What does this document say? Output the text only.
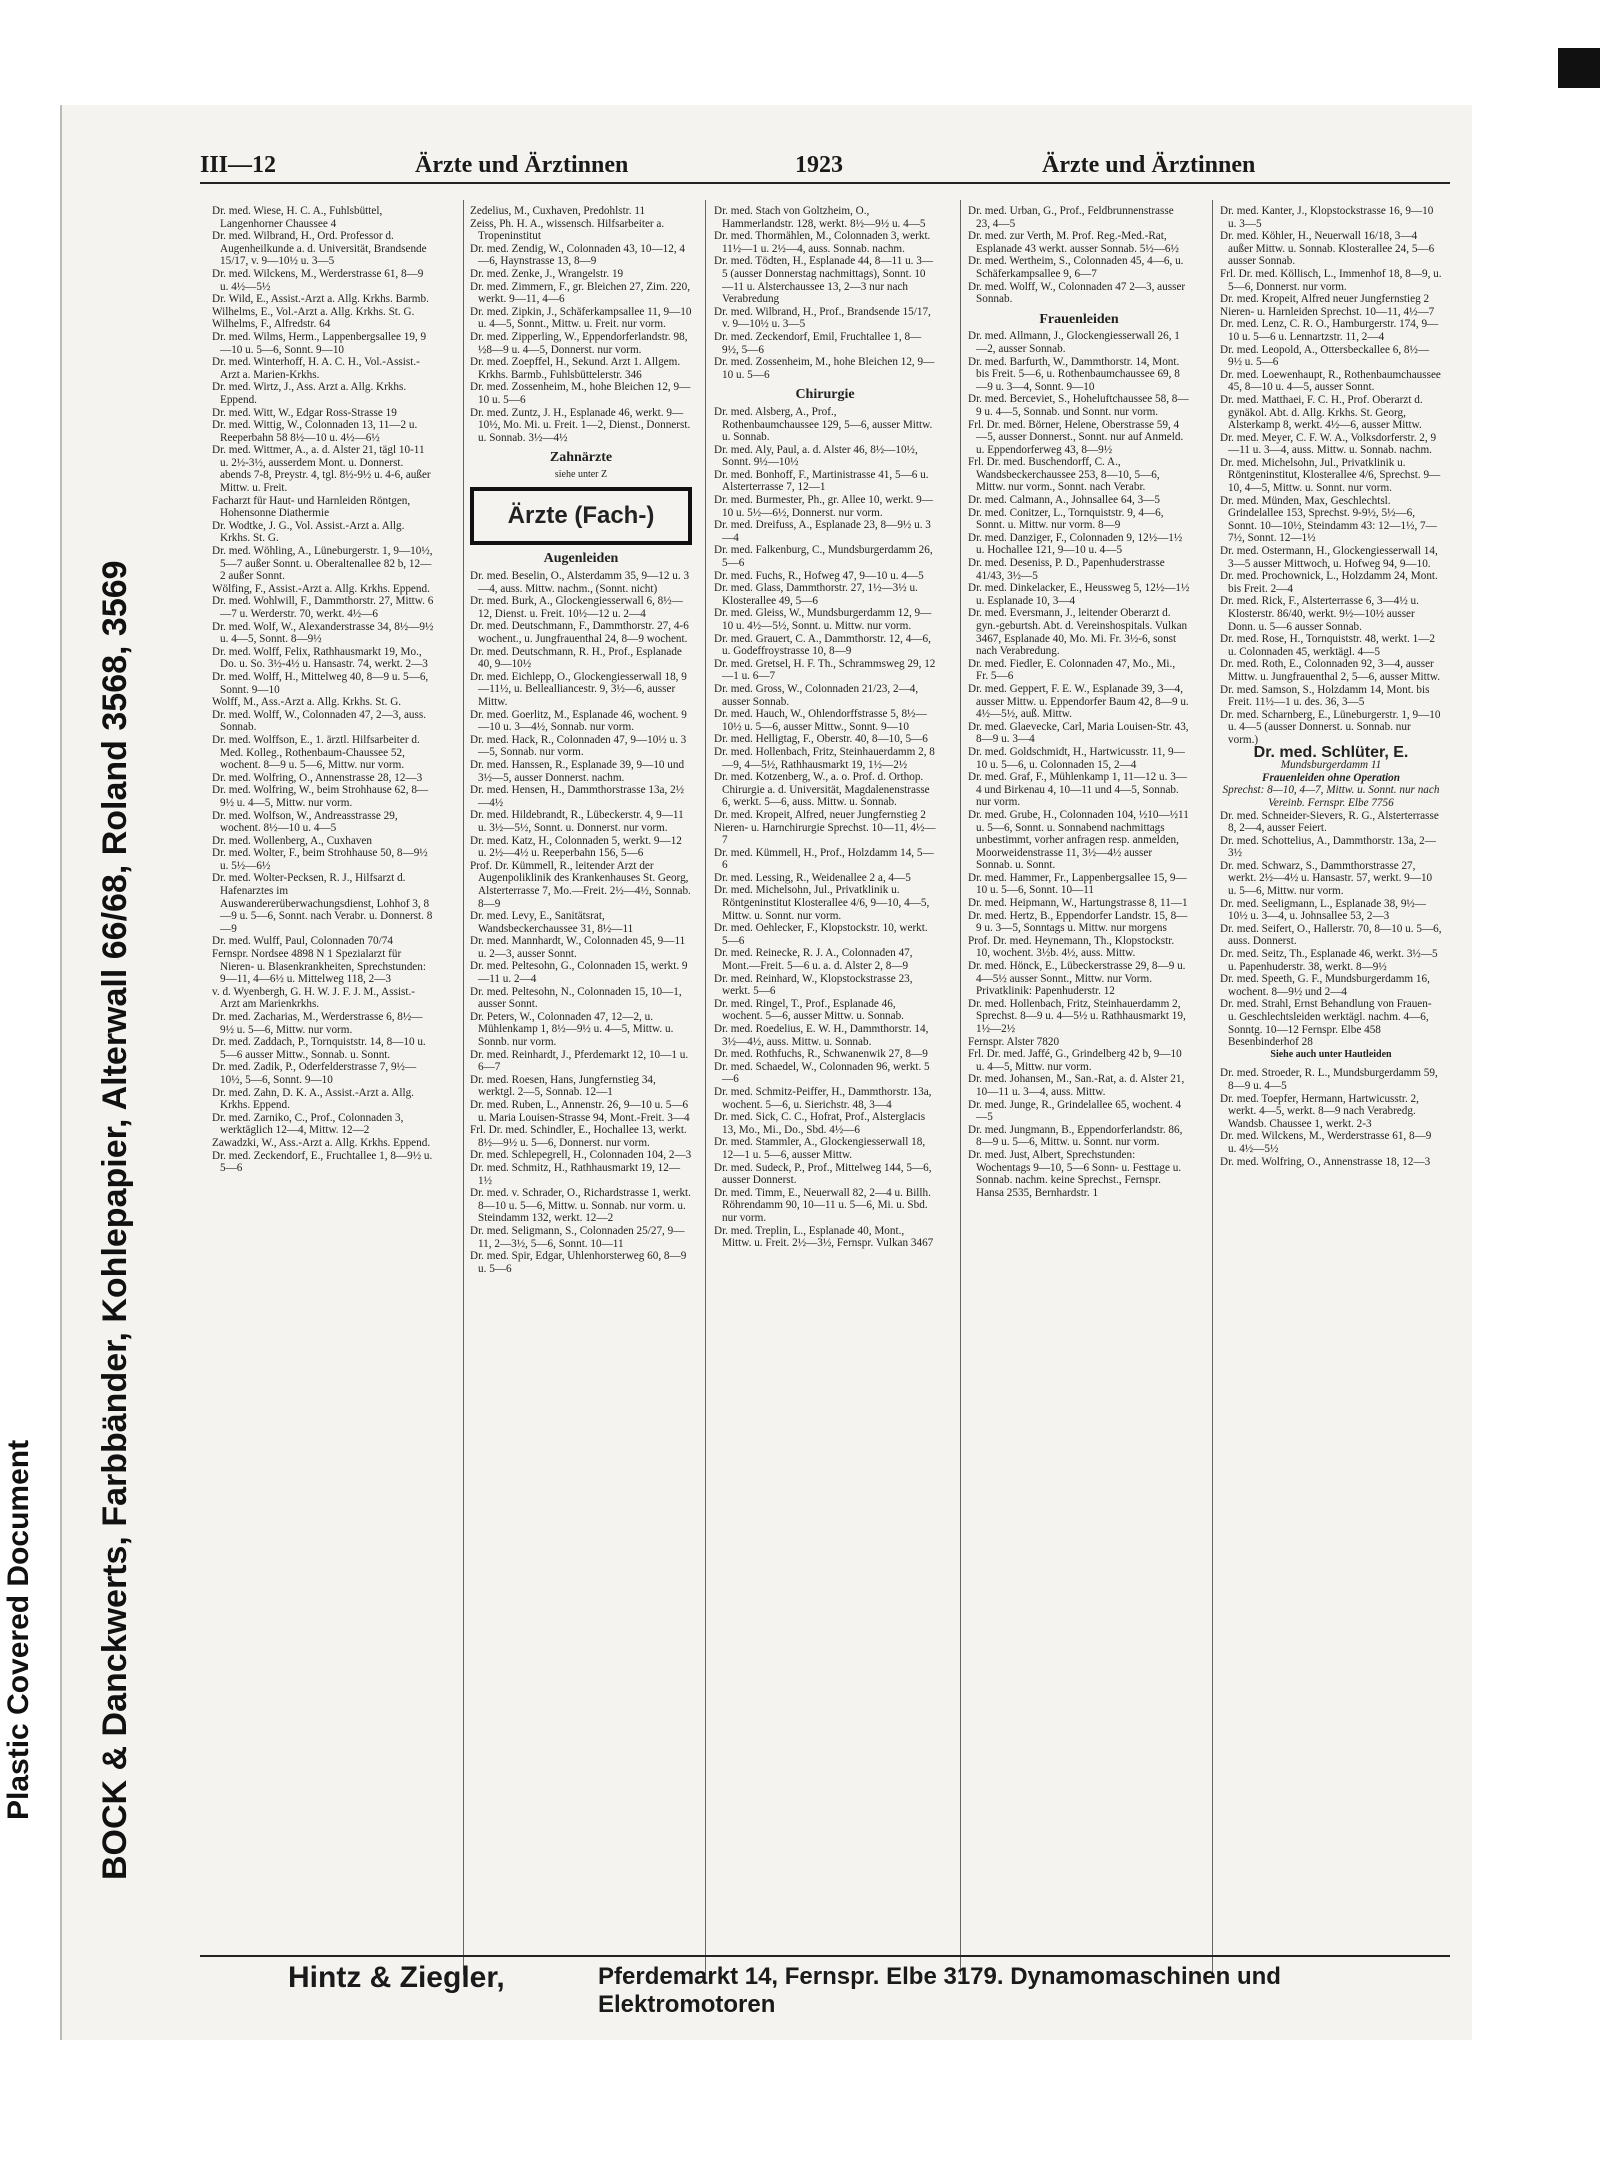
Plastic Covered Document BOCK & Danckwerts, Farbbänder, Kohlepapier, Alterwall 66/68, Roland 3568, 3569
III—12	Ärzte und Ärztinnen	1923	Ärzte und Ärztinnen

Dr. med. Wiese, H. C. A., Fuhlsbüttel, Langenhorner Chaussee 4

Dr. med. Wilbrand, H., Ord. Professor d. Augenheilkunde a. d. Universität, Brandsende 15/17, v. 9—10½ u. 3—5

Dr. med. Wilckens, M., Werderstrasse 61, 8—9 u. 4½—5½

Dr. Wild, E., Assist.-Arzt a. Allg. Krkhs. Barmb.

Wilhelms, E., Vol.-Arzt a. Allg. Krkhs. St. G.

Wilhelms, F., Alfredstr. 64

Dr. med. Wilms, Herm., Lappenbergsallee 19, 9—10 u. 5—6, Sonnt. 9—10

Dr. med. Winterhoff, H. A. C. H., Vol.-Assist.-Arzt a. Marien-Krkhs.

Dr. med. Wirtz, J., Ass. Arzt a. Allg. Krkhs. Eppend.

Dr. med. Witt, W., Edgar Ross-Strasse 19

Dr. med. Wittig, W., Colonnaden 13, 11—2 u. Reeperbahn 58 8½—10 u. 4½—6½

Dr. med. Wittmer, A., a. d. Alster 21, tägl 10-11 u. 2½-3½, ausserdem Mont. u. Donnerst. abends 7-8, Preystr. 4, tgl. 8½-9½ u. 4-6, außer Mittw. u. Freit.

Facharzt für Haut- und Harnleiden Röntgen, Hohensonne Diathermie

Dr. Wodtke, J. G., Vol. Assist.-Arzt a. Allg. Krkhs. St. G.

Dr. med. Wöhling, A., Lüneburgerstr. 1, 9—10½, 5—7 außer Sonnt. u. Oberaltenallee 82 b, 12—2 außer Sonnt.

Wölfing, F., Assist.-Arzt a. Allg. Krkhs. Eppend.

Dr. med. Wohlwill, F., Dammthorstr. 27, Mittw. 6—7 u. Werderstr. 70, werkt. 4½—6

Dr. med. Wolf, W., Alexanderstrasse 34, 8½—9½ u. 4—5, Sonnt. 8—9½

Dr. med. Wolff, Felix, Rathhausmarkt 19, Mo., Do. u. So. 3½-4½ u. Hansastr. 74, werkt. 2—3

Dr. med. Wolff, H., Mittelweg 40, 8—9 u. 5—6, Sonnt. 9—10

Wolff, M., Ass.-Arzt a. Allg. Krkhs. St. G.

Dr. med. Wolff, W., Colonnaden 47, 2—3, auss. Sonnab.

Dr. med. Wolffson, E., 1. ärztl. Hilfsarbeiter d. Med. Kolleg., Rothenbaum-Chaussee 52, wochent. 8—9 u. 5—6, Mittw. nur vorm.

Dr. med. Wolfring, O., Annenstrasse 28, 12—3

Dr. med. Wolfring, W., beim Strohhause 62, 8—9½ u. 4—5, Mittw. nur vorm.

Dr. med. Wolfson, W., Andreasstrasse 29, wochent. 8½—10 u. 4—5

Dr. med. Wollenberg, A., Cuxhaven

Dr. med. Wolter, F., beim Strohhause 50, 8—9½ u. 5½—6½

Dr. med. Wolter-Pecksen, R. J., Hilfsarzt d. Hafenarztes im Auswandererüberwachungsdienst, Lohhof 3, 8—9 u. 5—6, Sonnt. nach Verabr. u. Donnerst. 8—9

Dr. med. Wulff, Paul, Colonnaden 70/74

Fernspr. Nordsee 4898 N 1 Spezialarzt für Nieren- u. Blasenkrankheiten, Sprechstunden: 9—11, 4—6½ u. Mittelweg 118, 2—3

v. d. Wyenbergh, G. H. W. J. F. J. M., Assist.-Arzt am Marienkrkhs.

Dr. med. Zacharias, M., Werderstrasse 6, 8½—9½ u. 5—6, Mittw. nur vorm.

Dr. med. Zaddach, P., Tornquiststr. 14, 8—10 u. 5—6 ausser Mittw., Sonnab. u. Sonnt.

Dr. med. Zadik, P., Oderfelderstrasse 7, 9½—10½, 5—6, Sonnt. 9—10

Dr. med. Zahn, D. K. A., Assist.-Arzt a. Allg. Krkhs. Eppend.

Dr. med. Zarniko, C., Prof., Colonnaden 3, werktäglich 12—4, Mittw. 12—2

Zawadzki, W., Ass.-Arzt a. Allg. Krkhs. Eppend.

Dr. med. Zeckendorf, E., Fruchtallee 1, 8—9½ u. 5—6

Zedelius, M., Cuxhaven, Predohlstr. 11

Zeiss, Ph. H. A., wissensch. Hilfsarbeiter a. Tropeninstitut

Dr. med. Zendig, W., Colonnaden 43, 10—12, 4—6, Haynstrasse 13, 8—9

Dr. med. Zenke, J., Wrangelstr. 19

Dr. med. Zimmern, F., gr. Bleichen 27, Zim. 220, werkt. 9—11, 4—6

Dr. med. Zipkin, J., Schäferkampsallee 11, 9—10 u. 4—5, Sonnt., Mittw. u. Freit. nur vorm.

Dr. med. Zipperling, W., Eppendorferlandstr. 98, ½8—9 u. 4—5, Donnerst. nur vorm.

Dr. med. Zoepffel, H., Sekund. Arzt 1. Allgem. Krkhs. Barmb., Fuhlsbüttelerstr. 346

Dr. med. Zossenheim, M., hohe Bleichen 12, 9—10 u. 5—6

Dr. med. Zuntz, J. H., Esplanade 46, werkt. 9—10½, Mo. Mi. u. Freit. 1—2, Dienst., Donnerst. u. Sonnab. 3½—4½

Zahnärzte

siehe unter Z

Ärzte (Fach-)

Augenleiden

Dr. med. Beselin, O., Alsterdamm 35, 9—12 u. 3—4, auss. Mittw. nachm., (Sonnt. nicht)

Dr. med. Burk, A., Glockengiesserwall 6, 8½—12, Dienst. u. Freit. 10½—12 u. 2—4

Dr. med. Deutschmann, F., Dammthorstr. 27, 4-6 wochent., u. Jungfrauenthal 24, 8—9 wochent.

Dr. med. Deutschmann, R. H., Prof., Esplanade 40, 9—10½

Dr. med. Eichlepp, O., Glockengiesserwall 18, 9—11½, u. Bellealliancestr. 9, 3½—6, ausser Mittw.

Dr. med. Goerlitz, M., Esplanade 46, wochent. 9—10 u. 3—4½, Sonnab. nur vorm.

Dr. med. Hack, R., Colonnaden 47, 9—10½ u. 3—5, Sonnab. nur vorm.

Dr. med. Hanssen, R., Esplanade 39, 9—10 und 3½—5, ausser Donnerst. nachm.

Dr. med. Hensen, H., Dammthorstrasse 13a, 2½—4½

Dr. med. Hildebrandt, R., Lübeckerstr. 4, 9—11 u. 3½—5½, Sonnt. u. Donnerst. nur vorm.

Dr. med. Katz, H., Colonnaden 5, werkt. 9—12 u. 2½—4½ u. Reeperbahn 156, 5—6

Prof. Dr. Kümmell, R., leitender Arzt der Augenpoliklinik des Krankenhauses St. Georg, Alsterterrasse 7, Mo.—Freit. 2½—4½, Sonnab. 8—9

Dr. med. Levy, E., Sanitätsrat, Wandsbeckerchaussee 31, 8½—11

Dr. med. Mannhardt, W., Colonnaden 45, 9—11 u. 2—3, ausser Sonnt.

Dr. med. Peltesohn, G., Colonnaden 15, werkt. 9—11 u. 2—4

Dr. med. Peltesohn, N., Colonnaden 15, 10—1, ausser Sonnt.

Dr. Peters, W., Colonnaden 47, 12—2, u. Mühlenkamp 1, 8½—9½ u. 4—5, Mittw. u. Sonnb. nur vorm.

Dr. med. Reinhardt, J., Pferdemarkt 12, 10—1 u. 6—7

Dr. med. Roesen, Hans, Jungfernstieg 34, werktgl. 2—5, Sonnab. 12—1

Dr. med. Ruben, L., Annenstr. 26, 9—10 u. 5—6 u. Maria Louisen-Strasse 94, Mont.-Freit. 3—4

Frl. Dr. med. Schindler, E., Hochallee 13, werkt. 8½—9½ u. 5—6, Donnerst. nur vorm.

Dr. med. Schlepegrell, H., Colonnaden 104, 2—3

Dr. med. Schmitz, H., Rathhausmarkt 19, 12—1½

Dr. med. v. Schrader, O., Richardstrasse 1, werkt. 8—10 u. 5—6, Mittw. u. Sonnab. nur vorm. u. Steindamm 132, werkt. 12—2

Dr. med. Seligmann, S., Colonnaden 25/27, 9—11, 2—3½, 5—6, Sonnt. 10—11

Dr. med. Spir, Edgar, Uhlenhorsterweg 60, 8—9 u. 5—6

Dr. med. Stach von Goltzheim, O., Hammerlandstr. 128, werkt. 8½—9½ u. 4—5

Dr. med. Thormählen, M., Colonnaden 3, werkt. 11½—1 u. 2½—4, auss. Sonnab. nachm.

Dr. med. Tödten, H., Esplanade 44, 8—11 u. 3—5 (ausser Donnerstag nachmittags), Sonnt. 10—11 u. Alsterchaussee 13, 2—3 nur nach Verabredung

Dr. med. Wilbrand, H., Prof., Brandsende 15/17, v. 9—10½ u. 3—5

Dr. med. Zeckendorf, Emil, Fruchtallee 1, 8—9½, 5—6

Dr. med. Zossenheim, M., hohe Bleichen 12, 9—10 u. 5—6

Chirurgie

Dr. med. Alsberg, A., Prof., Rothenbaumchaussee 129, 5—6, ausser Mittw. u. Sonnab.

Dr. med. Aly, Paul, a. d. Alster 46, 8½—10½, Sonnt. 9½—10½

Dr. med. Bonhoff, F., Martinistrasse 41, 5—6 u. Alsterterrasse 7, 12—1

Dr. med. Burmester, Ph., gr. Allee 10, werkt. 9—10 u. 5½—6½, Donnerst. nur vorm.

Dr. med. Dreifuss, A., Esplanade 23, 8—9½ u. 3—4

Dr. med. Falkenburg, C., Mundsburgerdamm 26, 5—6

Dr. med. Fuchs, R., Hofweg 47, 9—10 u. 4—5

Dr. med. Glass, Dammthorstr. 27, 1½—3½ u. Klosterallee 49, 5—6

Dr. med. Gleiss, W., Mundsburgerdamm 12, 9—10 u. 4½—5½, Sonnt. u. Mittw. nur vorm.

Dr. med. Grauert, C. A., Dammthorstr. 12, 4—6, u. Godeffroystrasse 10, 8—9

Dr. med. Gretsel, H. F. Th., Schrammsweg 29, 12—1 u. 6—7

Dr. med. Gross, W., Colonnaden 21/23, 2—4, ausser Sonnab.

Dr. med. Hauch, W., Ohlendorffstrasse 5, 8½—10½ u. 5—6, ausser Mittw., Sonnt. 9—10

Dr. med. Helligtag, F., Oberstr. 40, 8—10, 5—6

Dr. med. Hollenbach, Fritz, Steinhauerdamm 2, 8—9, 4—5½, Rathhausmarkt 19, 1½—2½

Dr. med. Kotzenberg, W., a. o. Prof. d. Orthop. Chirurgie a. d. Universität, Magdalenenstrasse 6, werkt. 5—6, auss. Mittw. u. Sonnab.

Dr. med. Kropeit, Alfred, neuer Jungfernstieg 2

Nieren- u. Harnchirurgie Sprechst. 10—11, 4½—7

Dr. med. Kümmell, H., Prof., Holzdamm 14, 5—6

Dr. med. Lessing, R., Weidenallee 2 a, 4—5

Dr. med. Michelsohn, Jul., Privatklinik u. Röntgeninstitut Klosterallee 4/6, 9—10, 4—5, Mittw. u. Sonnt. nur vorm.

Dr. med. Oehlecker, F., Klopstockstr. 10, werkt. 5—6

Dr. med. Reinecke, R. J. A., Colonnaden 47, Mont.—Freit. 5—6 u. a. d. Alster 2, 8—9

Dr. med. Reinhard, W., Klopstockstrasse 23, werkt. 5—6

Dr. med. Ringel, T., Prof., Esplanade 46, wochent. 5—6, ausser Mittw. u. Sonnab.

Dr. med. Roedelius, E. W. H., Dammthorstr. 14, 3½—4½, auss. Mittw. u. Sonnab.

Dr. med. Rothfuchs, R., Schwanenwik 27, 8—9

Dr. med. Schaedel, W., Colonnaden 96, werkt. 5—6

Dr. med. Schmitz-Peiffer, H., Dammthorstr. 13a, wochent. 5—6, u. Sierichstr. 48, 3—4

Dr. med. Sick, C. C., Hofrat, Prof., Alsterglacis 13, Mo., Mi., Do., Sbd. 4½—6

Dr. med. Stammler, A., Glockengiesserwall 18, 12—1 u. 5—6, ausser Mittw.

Dr. med. Sudeck, P., Prof., Mittelweg 144, 5—6, ausser Donnerst.

Dr. med. Timm, E., Neuerwall 82, 2—4 u. Billh. Röhrendamm 90, 10—11 u. 5—6, Mi. u. Sbd. nur vorm.

Dr. med. Treplin, L., Esplanade 40, Mont., Mittw. u. Freit. 2½—3½, Fernspr. Vulkan 3467

Dr. med. Urban, G., Prof., Feldbrunnenstrasse 23, 4—5

Dr. med. zur Verth, M. Prof. Reg.-Med.-Rat, Esplanade 43 werkt. ausser Sonnab. 5½—6½

Dr. med. Wertheim, S., Colonnaden 45, 4—6, u. Schäferkampsallee 9, 6—7

Dr. med. Wolff, W., Colonnaden 47 2—3, ausser Sonnab.

Frauenleiden

Dr. med. Allmann, J., Glockengiesserwall 26, 1—2, ausser Sonnab.

Dr. med. Barfurth, W., Dammthorstr. 14, Mont. bis Freit. 5—6, u. Rothenbaumchaussee 69, 8—9 u. 3—4, Sonnt. 9—10

Dr. med. Berceviet, S., Hoheluftchaussee 58, 8—9 u. 4—5, Sonnab. und Sonnt. nur vorm.

Frl. Dr. med. Börner, Helene, Oberstrasse 59, 4—5, ausser Donnerst., Sonnt. nur auf Anmeld. u. Eppendorferweg 43, 8—9½

Frl. Dr. med. Buschendorff, C. A., Wandsbeckerchaussee 253, 8—10, 5—6, Mittw. nur vorm., Sonnt. nach Verabr.

Dr. med. Calmann, A., Johnsallee 64, 3—5

Dr. med. Conitzer, L., Tornquiststr. 9, 4—6, Sonnt. u. Mittw. nur vorm. 8—9

Dr. med. Danziger, F., Colonnaden 9, 12½—1½ u. Hochallee 121, 9—10 u. 4—5

Dr. med. Deseniss, P. D., Papenhuderstrasse 41/43, 3½—5

Dr. med. Dinkelacker, E., Heussweg 5, 12½—1½ u. Esplanade 10, 3—4

Dr. med. Eversmann, J., leitender Oberarzt d. gyn.-geburtsh. Abt. d. Vereinshospitals. Vulkan 3467, Esplanade 40, Mo. Mi. Fr. 3½-6, sonst nach Verabredung.

Dr. med. Fiedler, E. Colonnaden 47, Mo., Mi., Fr. 5—6

Dr. med. Geppert, F. E. W., Esplanade 39, 3—4, ausser Mittw. u. Eppendorfer Baum 42, 8—9 u. 4½—5½, auß. Mittw.

Dr. med. Glaevecke, Carl, Maria Louisen-Str. 43, 8—9 u. 3—4

Dr. med. Goldschmidt, H., Hartwicusstr. 11, 9—10 u. 5—6, u. Colonnaden 15, 2—4

Dr. med. Graf, F., Mühlenkamp 1, 11—12 u. 3—4 und Birkenau 4, 10—11 und 4—5, Sonnab. nur vorm.

Dr. med. Grube, H., Colonnaden 104, ½10—½11 u. 5—6, Sonnt. u. Sonnabend nachmittags unbestimmt, vorher anfragen resp. anmelden, Moorweidenstrasse 11, 3½—4½ ausser Sonnab. u. Sonnt.

Dr. med. Hammer, Fr., Lappenbergsallee 15, 9—10 u. 5—6, Sonnt. 10—11

Dr. med. Heipmann, W., Hartungstrasse 8, 11—1

Dr. med. Hertz, B., Eppendorfer Landstr. 15, 8—9 u. 3—5, Sonntags u. Mittw. nur morgens

Prof. Dr. med. Heynemann, Th., Klopstockstr. 10, wochent. 3½b. 4½, auss. Mittw.

Dr. med. Hönck, E., Lübeckerstrasse 29, 8—9 u. 4—5½ ausser Sonnt., Mittw. nur Vorm. Privatklinik: Papenhuderstr. 12

Dr. med. Hollenbach, Fritz, Steinhauerdamm 2, Sprechst. 8—9 u. 4—5½ u. Rathhausmarkt 19, 1½—2½

Fernspr. Alster 7820

Frl. Dr. med. Jaffé, G., Grindelberg 42 b, 9—10 u. 4—5, Mittw. nur vorm.

Dr. med. Johansen, M., San.-Rat, a. d. Alster 21, 10—11 u. 3—4, auss. Mittw.

Dr. med. Junge, R., Grindelallee 65, wochent. 4—5

Dr. med. Jungmann, B., Eppendorferlandstr. 86, 8—9 u. 5—6, Mittw. u. Sonnt. nur vorm.

Dr. med. Just, Albert, Sprechstunden: Wochentags 9—10, 5—6 Sonn- u. Festtage u. Sonnab. nachm. keine Sprechst., Fernspr. Hansa 2535, Bernhardstr. 1

Dr. med. Kanter, J., Klopstockstrasse 16, 9—10 u. 3—5

Dr. med. Köhler, H., Neuerwall 16/18, 3—4 außer Mittw. u. Sonnab. Klosterallee 24, 5—6 ausser Sonnab.

Frl. Dr. med. Köllisch, L., Immenhof 18, 8—9, u. 5—6, Donnerst. nur vorm.

Dr. med. Kropeit, Alfred neuer Jungfernstieg 2

Nieren- u. Harnleiden Sprechst. 10—11, 4½—7

Dr. med. Lenz, C. R. O., Hamburgerstr. 174, 9—10 u. 5—6 u. Lennartzstr. 11, 2—4

Dr. med. Leopold, A., Ottersbeckallee 6, 8½—9½ u. 5—6

Dr. med. Loewenhaupt, R., Rothenbaumchaussee 45, 8—10 u. 4—5, ausser Sonnt.

Dr. med. Matthaei, F. C. H., Prof. Oberarzt d. gynäkol. Abt. d. Allg. Krkhs. St. Georg, Alsterkamp 8, werkt. 4½—6, ausser Mittw.

Dr. med. Meyer, C. F. W. A., Volksdorferstr. 2, 9—11 u. 3—4, auss. Mittw. u. Sonnab. nachm.

Dr. med. Michelsohn, Jul., Privatklinik u. Röntgeninstitut, Klosterallee 4/6, Sprechst. 9—10, 4—5, Mittw. u. Sonnt. nur vorm.

Dr. med. Münden, Max, Geschlechtsl. Grindelallee 153, Sprechst. 9-9½, 5½—6, Sonnt. 10—10½, Steindamm 43: 12—1½, 7—7½, Sonnt. 12—1½

Dr. med. Ostermann, H., Glockengiesserwall 14, 3—5 ausser Mittwoch, u. Hofweg 94, 9—10.

Dr. med. Prochownick, L., Holzdamm 24, Mont. bis Freit. 2—4

Dr. med. Rick, F., Alsterterrasse 6, 3—4½ u. Klosterstr. 86/40, werkt. 9½—10½ ausser Donn. u. 5—6 ausser Sonnab.

Dr. med. Rose, H., Tornquiststr. 48, werkt. 1—2 u. Colonnaden 45, werktägl. 4—5

Dr. med. Roth, E., Colonnaden 92, 3—4, ausser Mittw. u. Jungfrauenthal 2, 5—6, ausser Mittw.

Dr. med. Samson, S., Holzdamm 14, Mont. bis Freit. 11½—1 u. des. 36, 3—5

Dr. med. Scharnberg, E., Lüneburgerstr. 1, 9—10 u. 4—5 (ausser Donnerst. u. Sonnab. nur vorm.)

Dr. med. Schlüter, E.

Mundsburgerdamm 11

Frauenleiden ohne Operation

Sprechst: 8—10, 4—7, Mittw. u. Sonnt. nur nach Vereinb. Fernspr. Elbe 7756

Dr. med. Schneider-Sievers, R. G., Alsterterrasse 8, 2—4, ausser Feiert.

Dr. med. Schottelius, A., Dammthorstr. 13a, 2—3½

Dr. med. Schwarz, S., Dammthorstrasse 27, werkt. 2½—4½ u. Hansastr. 57, werkt. 9—10 u. 5—6, Mittw. nur vorm.

Dr. med. Seeligmann, L., Esplanade 38, 9½—10½ u. 3—4, u. Johnsallee 53, 2—3

Dr. med. Seifert, O., Hallerstr. 70, 8—10 u. 5—6, auss. Donnerst.

Dr. med. Seitz, Th., Esplanade 46, werkt. 3½—5 u. Papenhuderstr. 38, werkt. 8—9½

Dr. med. Speeth, G. F., Mundsburgerdamm 16, wochent. 8—9½ und 2—4

Dr. med. Strahl, Ernst Behandlung von Frauen- u. Geschlechtsleiden werktägl. nachm. 4—6, Sonntg. 10—12 Fernspr. Elbe 458 Besenbinderhof 28

Siehe auch unter Hautleiden

Dr. med. Stroeder, R. L., Mundsburgerdamm 59, 8—9 u. 4—5

Dr. med. Toepfer, Hermann, Hartwicusstr. 2, werkt. 4—5, werkt. 8—9 nach Verabredg. Wandsb. Chaussee 1, werkt. 2-3

Dr. med. Wilckens, M., Werderstrasse 61, 8—9 u. 4½—5½

Dr. med. Wolfring, O., Annenstrasse 18, 12—3

Hintz & Ziegler,	Pferdemarkt 14, Fernspr. Elbe 3179. Dynamomaschinen und Elektromotoren
